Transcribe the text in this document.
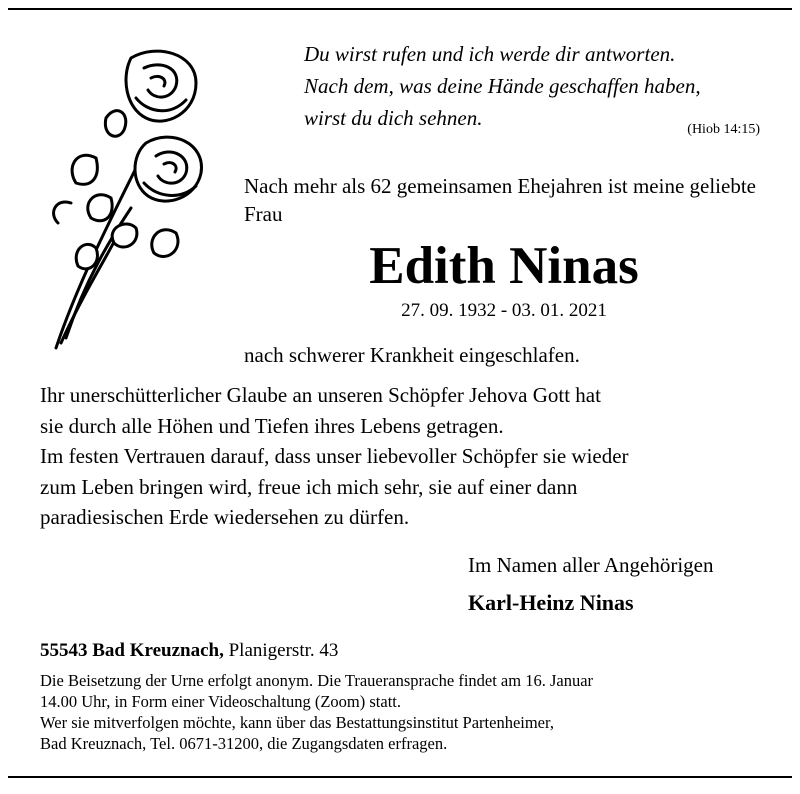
Du wirst rufen und ich werde dir antworten.
Nach dem, was deine Hände geschaffen haben,
wirst du dich sehnen.	(Hiob 14:15)
Nach mehr als 62 gemeinsamen Ehejahren ist meine geliebte Frau
Edith Ninas
27. 09. 1932 - 03. 01. 2021
nach schwerer Krankheit eingeschlafen.
Ihr unerschütterlicher Glaube an unseren Schöpfer Jehova Gott hat
sie durch alle Höhen und Tiefen ihres Lebens getragen.
Im festen Vertrauen darauf, dass unser liebevoller Schöpfer sie wieder
zum Leben bringen wird, freue ich mich sehr, sie auf einer dann
paradiesischen Erde wiedersehen zu dürfen.
Im Namen aller Angehörigen
Karl-Heinz Ninas
55543 Bad Kreuznach, Planigerstr. 43
Die Beisetzung der Urne erfolgt anonym. Die Traueransprache findet am 16. Januar
14.00 Uhr, in Form einer Videoschaltung (Zoom) statt.
Wer sie mitverfolgen möchte, kann über das Bestattungsinstitut Partenheimer,
Bad Kreuznach, Tel. 0671-31200, die Zugangsdaten erfragen.
